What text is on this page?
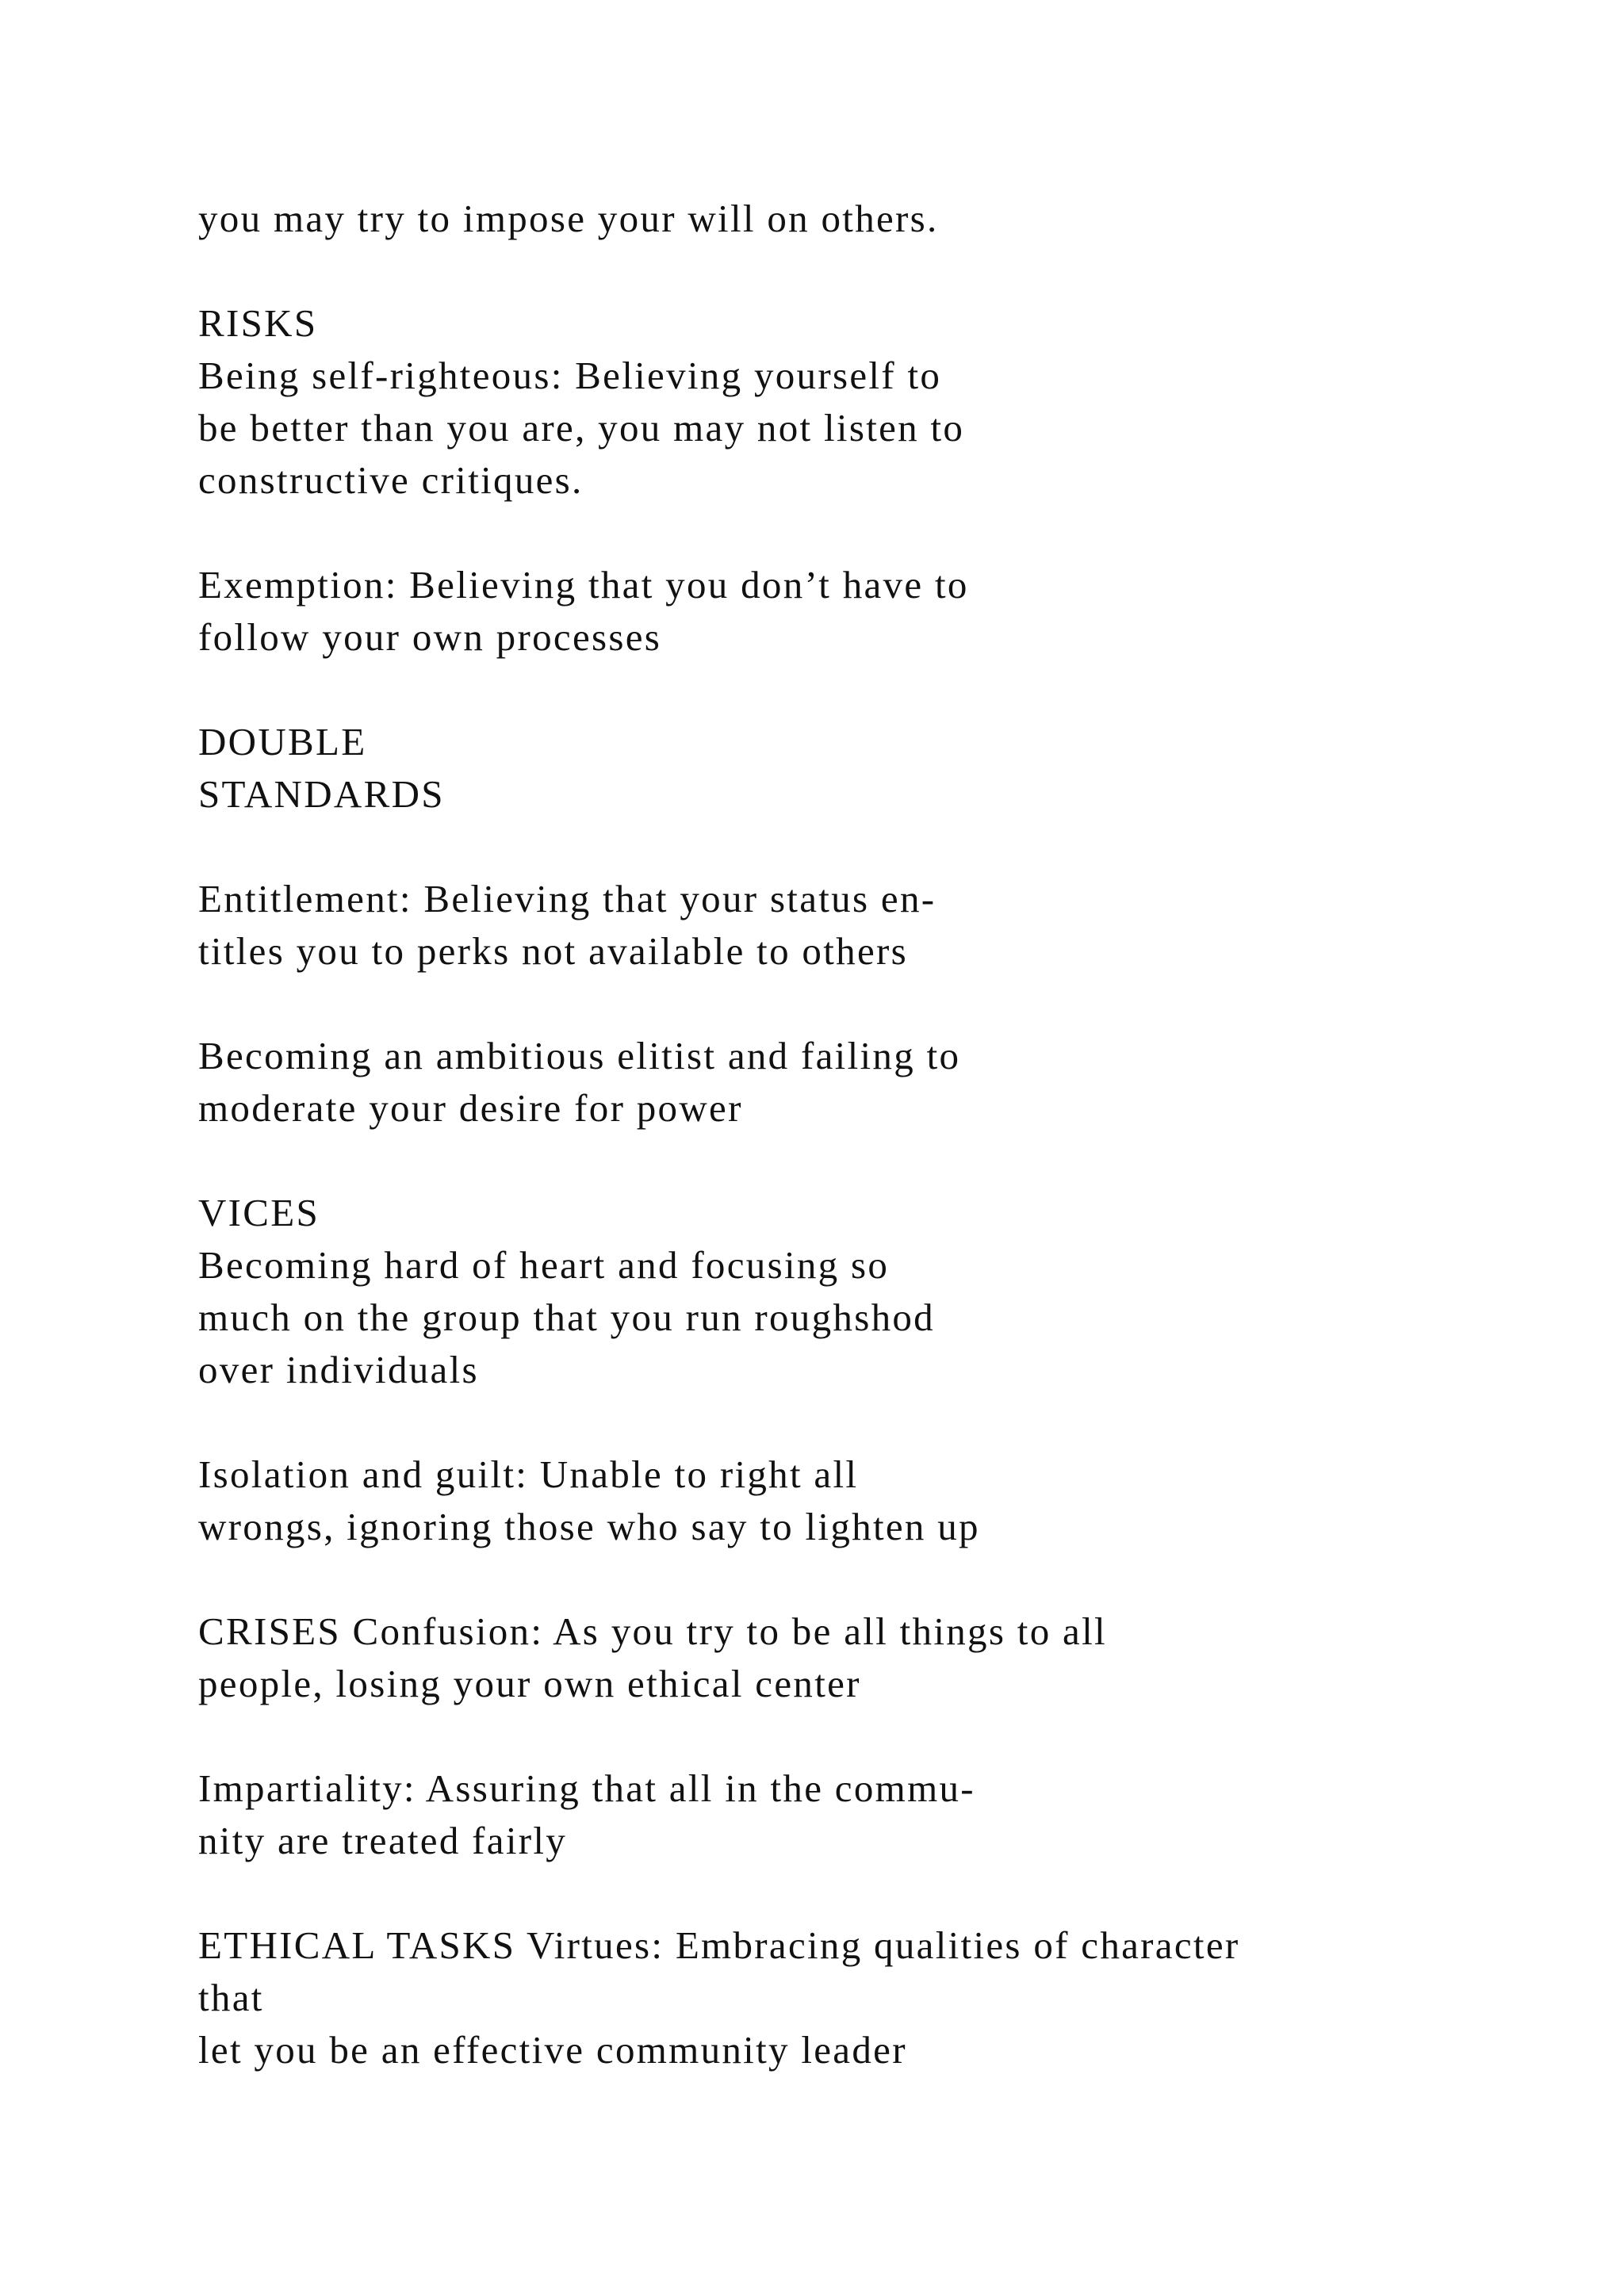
you may try to impose your will on others.
RISKS
Being self-righteous: Believing yourself to
be better than you are, you may not listen to
constructive critiques.
Exemption: Believing that you don’t have to
follow your own processes
DOUBLE
STANDARDS
Entitlement: Believing that your status en-
titles you to perks not available to others
Becoming an ambitious elitist and failing to
moderate your desire for power
VICES
Becoming hard of heart and focusing so
much on the group that you run roughshod
over individuals
Isolation and guilt: Unable to right all
wrongs, ignoring those who say to lighten up
CRISES Confusion: As you try to be all things to all
people, losing your own ethical center
Impartiality: Assuring that all in the commu-
nity are treated fairly
ETHICAL TASKS Virtues: Embracing qualities of character
that
let you be an effective community leader
